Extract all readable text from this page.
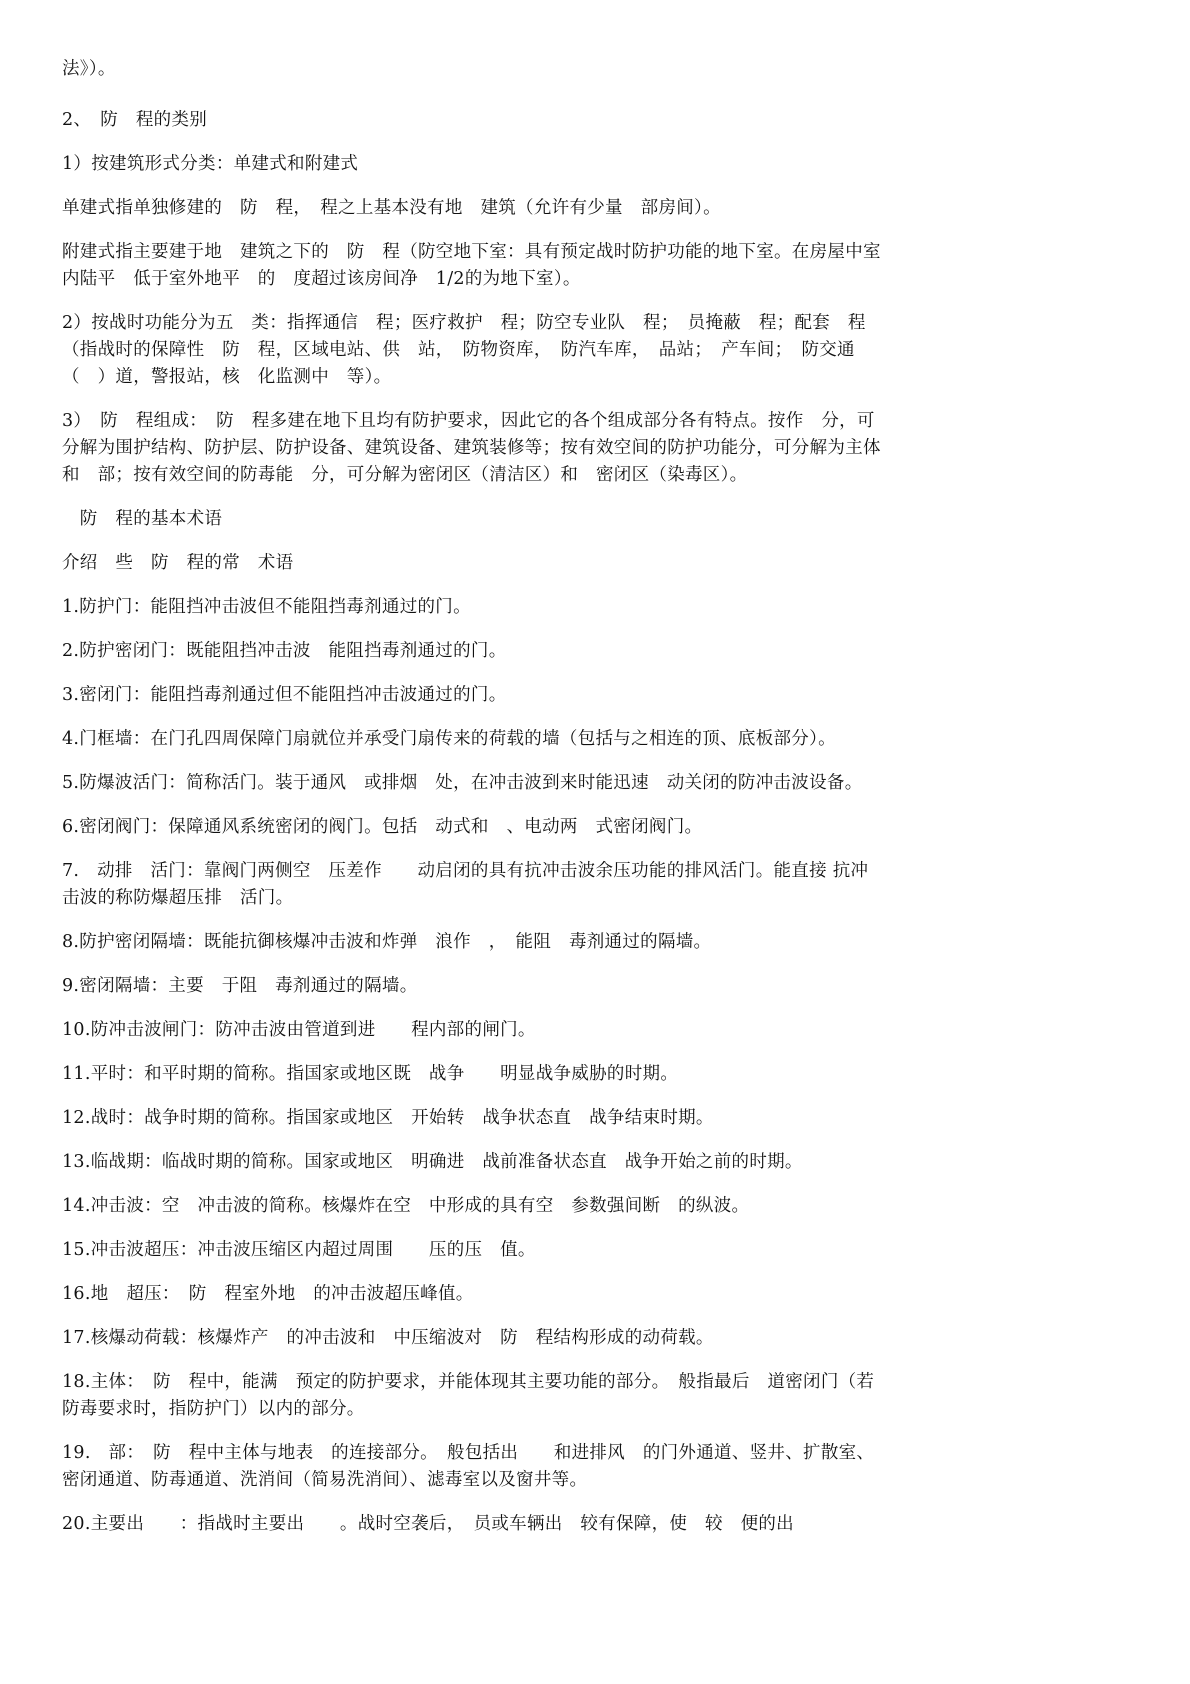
法》）。

2、　防　程的类别

1）按建筑形式分类：单建式和附建式

单建式指单独修建的　防　程，　程之上基本没有地　建筑（允许有少量　部房间）。

附建式指主要建于地　建筑之下的　防　程（防空地下室：具有预定战时防护功能的地下室。在房屋中室内陆平　低于室外地平　的　度超过该房间净　1/2的为地下室）。

2）按战时功能分为五　类：指挥通信　程；医疗救护　程；防空专业队　程；　员掩蔽　程；配套　程（指战时的保障性　防　程，区域电站、供　站，　防物资库，　防汽车库，　品站；　产车间；　防交通　（　）道，警报站，核　化监测中　等）。

3）　防　程组成：　防　程多建在地下且均有防护要求，因此它的各个组成部分各有特点。按作　分，可分解为围护结构、防护层、防护设备、建筑设备、建筑装修等；按有效空间的防护功能分，可分解为主体和　部；按有效空间的防毒能　分，可分解为密闭区（清洁区）和　密闭区（染毒区）。

　防　程的基本术语

介绍　些　防　程的常　术语

1.防护门：能阻挡冲击波但不能阻挡毒剂通过的门。

2.防护密闭门：既能阻挡冲击波　能阻挡毒剂通过的门。

3.密闭门：能阻挡毒剂通过但不能阻挡冲击波通过的门。

4.门框墙：在门孔四周保障门扇就位并承受门扇传来的荷载的墙（包括与之相连的顶、底板部分）。

5.防爆波活门：简称活门。装于通风　或排烟　处，在冲击波到来时能迅速　动关闭的防冲击波设备。

6.密闭阀门：保障通风系统密闭的阀门。包括　动式和　、电动两　式密闭阀门。

7.　动排　活门：靠阀门两侧空　压差作　　动启闭的具有抗冲击波余压功能的排风活门。能直接 抗冲击波的称防爆超压排　活门。

8.防护密闭隔墙：既能抗御核爆冲击波和炸弹　浪作　，　能阻　毒剂通过的隔墙。

9.密闭隔墙：主要　于阻　毒剂通过的隔墙。

10.防冲击波闸门：防冲击波由管道到进　　程内部的闸门。

11.平时：和平时期的简称。指国家或地区既　战争　　明显战争威胁的时期。

12.战时：战争时期的简称。指国家或地区　开始转　战争状态直　战争结束时期。

13.临战期：临战时期的简称。国家或地区　明确进　战前准备状态直　战争开始之前的时期。

14.冲击波：空　冲击波的简称。核爆炸在空　中形成的具有空　参数强间断　的纵波。

15.冲击波超压：冲击波压缩区内超过周围　　压的压　值。

16.地　超压：　防　程室外地　的冲击波超压峰值。

17.核爆动荷载：核爆炸产　的冲击波和　中压缩波对　防　程结构形成的动荷载。

18.主体：　防　程中，能满　预定的防护要求，并能体现其主要功能的部分。　般指最后　道密闭门（若　防毒要求时，指防护门）以内的部分。

19.　部：　防　程中主体与地表　的连接部分。　般包括出　　和进排风　的门外通道、竖井、扩散室、密闭通道、防毒通道、洗消间（简易洗消间）、滤毒室以及窗井等。

20.主要出　　：指战时主要出　　。战时空袭后，　员或车辆出　较有保障，使　较　便的出
